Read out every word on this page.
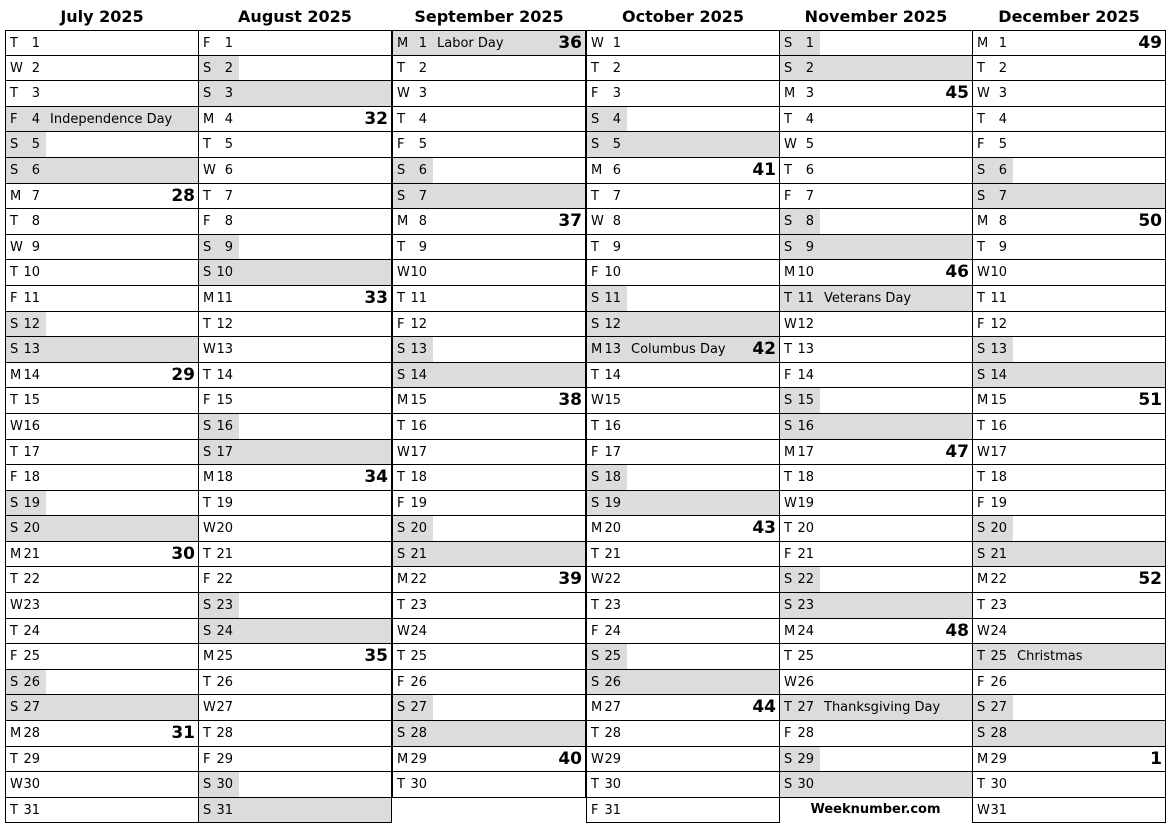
July 2025
T	1
W 2
T	3
F	4 Independence Day
S	5
S	6
M 7	28
T	8
W 9
T 10
F 11
S 12
S 13
M 14	29
T 15
W 16
T 17
F 18
S 19
S 20
M 21	30
T 22
W 23
T 24
F 25
S 26
S 27
M 28	31
T 29
W 30
T 31
August 2025
F	1
S	2
S	3
M 4	32
T	5
W 6
T	7
F	8
S	9
S 10
M 11	33
T 12
W 13
T 14
F 15
S 16
S 17
M 18	34
T 19
W 20
T 21
F 22
S 23
S 24
M 25	35
T 26
W 27
T 28
F 29
S 30
S 31
September 2025
M 1 Labor Day	36
T	2
W 3
T	4
F	5
S	6
S	7
M 8	37
T	9
W 10
T 11
F 12
S 13
S 14
M 15	38
T 16
W 17
T 18
F 19
S 20
S 21
M 22	39
T 23
W 24
T 25
F 26
S 27
S 28
M 29	40
T 30
October 2025
W 1
T	2
F	3
S	4
S	5
M 6	41
T	7
W 8
T	9
F 10
S 11
S 12
M 13 Columbus Day 42
T 14
W 15
T 16
F 17
S 18
S 19
M 20	43
T 21
W 22
T 23
F 24
S 25
S 26
M 27	44
T 28
W 29
T 30
F 31
November 2025
S	1
S	2
M 3	45
T	4
W 5
T	6
F	7
S	8
S	9
M 10	46
T 11 Veterans Day
W 12
T 13
F 14
S 15
S 16
M 17	47
T 18
W 19
T 20
F 21
S 22
S 23
M 24	48
T 25
W 26
T 27 Thanksgiving Day
F 28
S 29
S 30
December 2025
M 1	49
T	2
W 3
T	4
F	5
S	6
S	7
M 8	50
T	9
W 10
T 11
F 12
S 13
S 14
M 15	51
T 16
W 17
T 18
F 19
S 20
S 21
M 22	52
T 23
W 24
T 25 Christmas
F 26
S 27
S 28
M 29	1
T 30
W 31
Weeknumber.com
